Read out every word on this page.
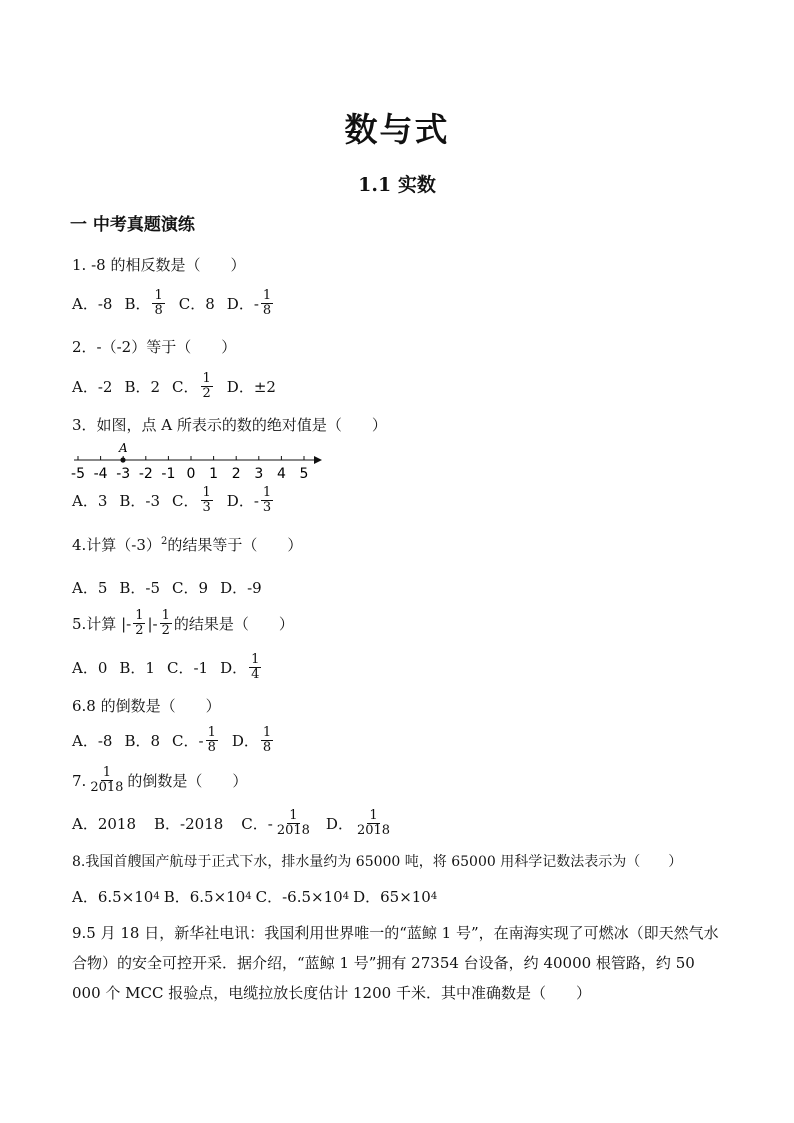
数与式
1.1 实数
一 中考真题演练
1. -8 的相反数是（　　）
A．-8 B． $\frac{1}{8}$ C．8 D．- $\frac{1}{8}$
2．-（-2）等于（　　）
A．-2 B．2 C． $\frac{1}{2}$ D．±2
3．如图，点 A 所表示的数的绝对值是（　　）
-5 -4 -3 -2 -1 0 1 2 3 4 5
A
A．3 B．-3 C． $\frac{1}{3}$ D．- $\frac{1}{3}$
4.计算$(-3)^2$的结果等于（　　）
A．5 B．-5 C．9 D．-9
5.计算 |- $\frac{1}{2}$ |- $\frac{1}{2}$ 的结果是（　　）
A．0 B．1 C．-1 D． $\frac{1}{4}$
6.8 的倒数是（　　）
A．-8 B．8 C．- $\frac{1}{8}$ D． $\frac{1}{8}$
7. $\frac{1}{2018}$ 的倒数是（　　）
A．2018 B．-2018 C．- $\frac{1}{2018}$ D． $\frac{1}{2018}$
8.我国首艘国产航母于正式下水，排水量约为 65000 吨，将 65000 用科学记数法表示为（　　）
A．6.5×10 4 B．6.5×10 4 C．-6.5×10 4 D．65×10 4
9.5 月 18 日，新华社电讯：我国利用世界唯一的“蓝鲸 1 号”，在南海实现了可燃冰（即天然气水合物）的安全可控开采．据介绍，“蓝鲸 1 号”拥有 27354 台设备，约 40000 根管路，约 50 000 个 MCC 报验点，电缆拉放长度估计 1200 千米．其中准确数是（　　）
